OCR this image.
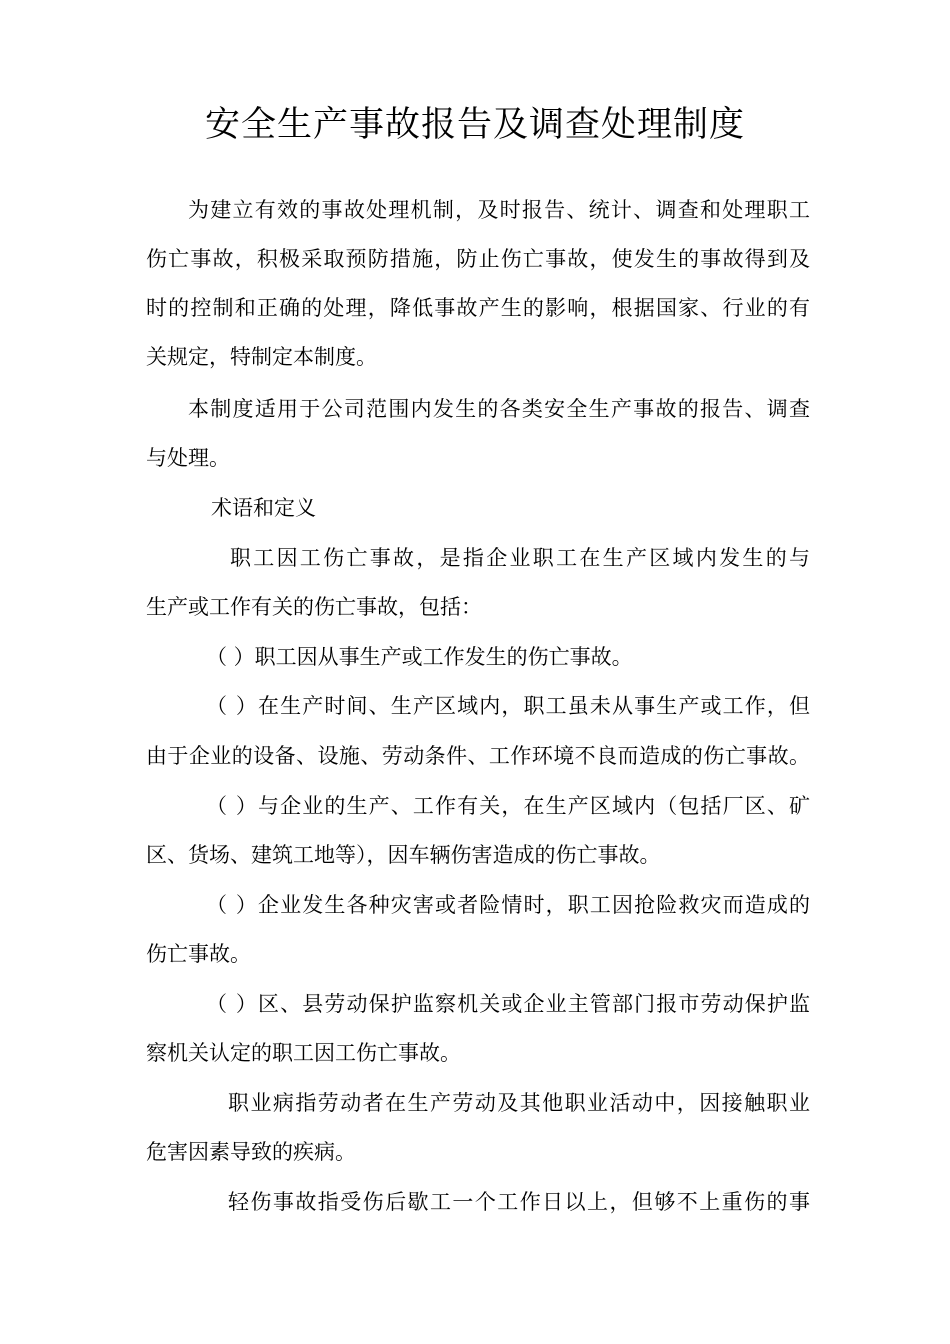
安全生产事故报告及调查处理制度
为建立有效的事故处理机制，及时报告、统计、调查和处理职工
伤亡事故，积极采取预防措施，防止伤亡事故，使发生的事故得到及
时的控制和正确的处理，降低事故产生的影响，根据国家、行业的有
关规定，特制定本制度。
本制度适用于公司范围内发生的各类安全生产事故的报告、调查
与处理。
术语和定义
职工因工伤亡事故，是指企业职工在生产区域内发生的与
生产或工作有关的伤亡事故，包括：
（ ）职工因从事生产或工作发生的伤亡事故。
（ ）在生产时间、生产区域内，职工虽未从事生产或工作，但
由于企业的设备、设施、劳动条件、工作环境不良而造成的伤亡事故。
（ ）与企业的生产、工作有关，在生产区域内（包括厂区、矿
区、货场、建筑工地等），因车辆伤害造成的伤亡事故。
（ ）企业发生各种灾害或者险情时，职工因抢险救灾而造成的
伤亡事故。
（ ）区、县劳动保护监察机关或企业主管部门报市劳动保护监
察机关认定的职工因工伤亡事故。
职业病指劳动者在生产劳动及其他职业活动中，因接触职业
危害因素导致的疾病。
轻伤事故指受伤后歇工一个工作日以上，但够不上重伤的事
